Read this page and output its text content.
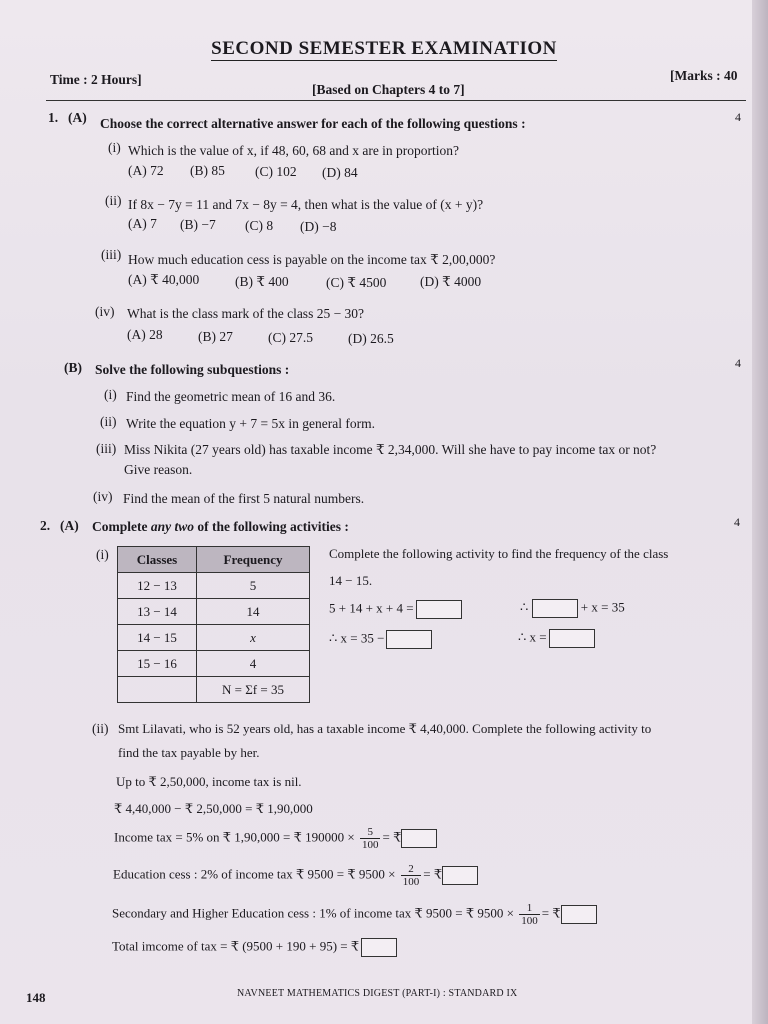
SECOND SEMESTER EXAMINATION
Time : 2 Hours]
[Based on Chapters 4 to 7]
[Marks : 40
1. (A) Choose the correct alternative answer for each of the following questions :	4
(i) Which is the value of x, if 48, 60, 68 and x are in proportion?
(A) 72 (B) 85 (C) 102 (D) 84
(ii) If 8x − 7y = 11 and 7x − 8y = 4, then what is the value of (x + y)?
(A) 7 (B) −7 (C) 8 (D) −8
(iii) How much education cess is payable on the income tax ₹ 2,00,000?
(A) ₹ 40,000	(B) ₹ 400	(C) ₹ 4500 (D) ₹ 4000
(iv) What is the class mark of the class 25 − 30?
(A) 28	(B) 27	(C) 27.5	(D) 26.5
(B) Solve the following subquestions :	4
(i) Find the geometric mean of 16 and 36.
(ii) Write the equation y + 7 = 5x in general form.
(iii) Miss Nikita (27 years old) has taxable income ₹ 2,34,000. Will she have to pay income tax or not?
Give reason.
(iv) Find the mean of the first 5 natural numbers.
2. (A) Complete any two of the following activities :	4
(i) Classes	Frequency
12 − 13	5
13 − 14	14
14 − 15	x
15 − 16	4
	N = Σf = 35
Complete the following activity to find the frequency of the class
14 − 15.
5 + 14 + x + 4 =	∴	+ x = 35
∴ x = 35 −	∴ x =
(ii) Smt Lilavati, who is 52 years old, has a taxable income ₹ 4,40,000. Complete the following activity to
find the tax payable by her.
Up to ₹ 2,50,000, income tax is nil.
₹ 4,40,000 − ₹ 2,50,000 = ₹ 1,90,000
Income tax = 5% on ₹ 1,90,000 = ₹ $190000 \times \frac{5}{100}$ = ₹
Education cess : 2% of income tax ₹ 9500 = ₹ $9500 \times \frac{2}{100}$ = ₹
Secondary and Higher Education cess : 1% of income tax ₹ 9500 = ₹ $9500 \times \frac{1}{100}$ = ₹
Total imcome of tax = ₹ (9500 + 190 + 95) = ₹
148	NAVNEET MATHEMATICS DIGEST (PART-I) : STANDARD IX
